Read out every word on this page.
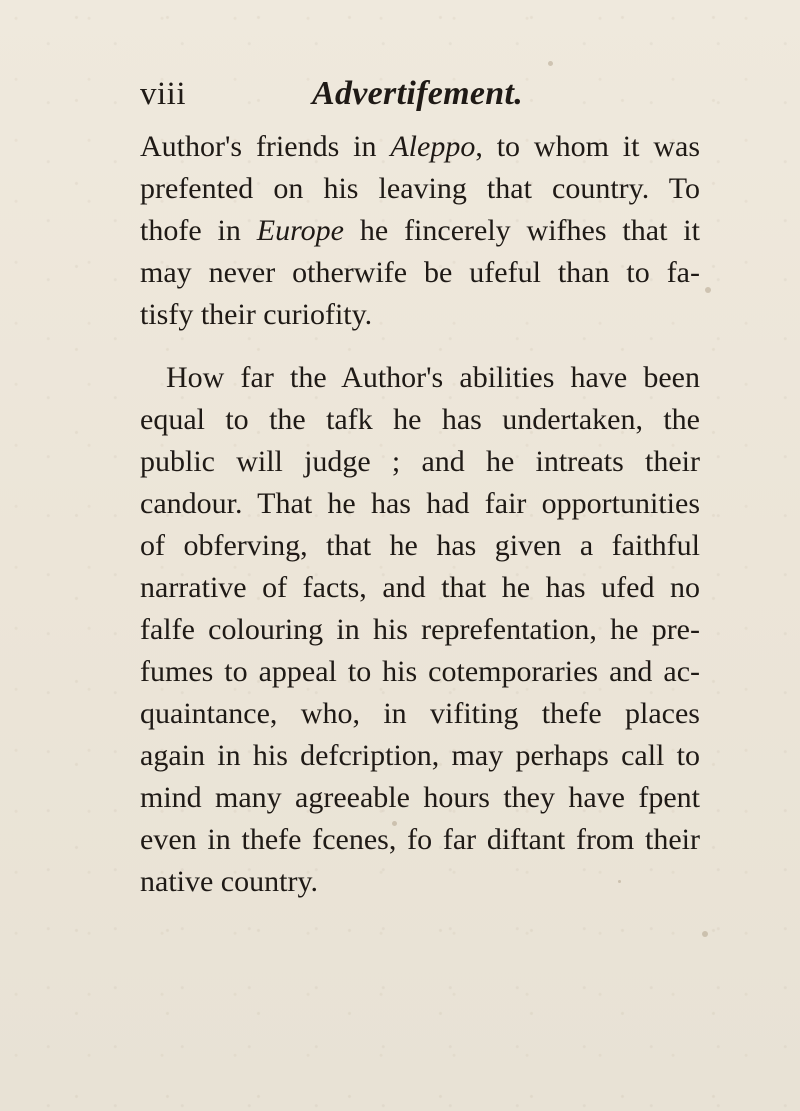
viii	Advertifement.
Author's friends in Aleppo, to whom it was
prefented on his leaving that country. To
thofe in Europe he fincerely wifhes that it
may never otherwife be ufeful than to fa-
tisfy their curiofity.
How far the Author's abilities have been
equal to the tafk he has undertaken, the
public will judge ; and he intreats their
candour. That he has had fair opportunities
of obferving, that he has given a faithful
narrative of facts, and that he has ufed no
falfe colouring in his reprefentation, he pre-
fumes to appeal to his cotemporaries and ac-
quaintance, who, in vifiting thefe places
again in his defcription, may perhaps call to
mind many agreeable hours they have fpent
even in thefe fcenes, fo far diftant from their
native country.
